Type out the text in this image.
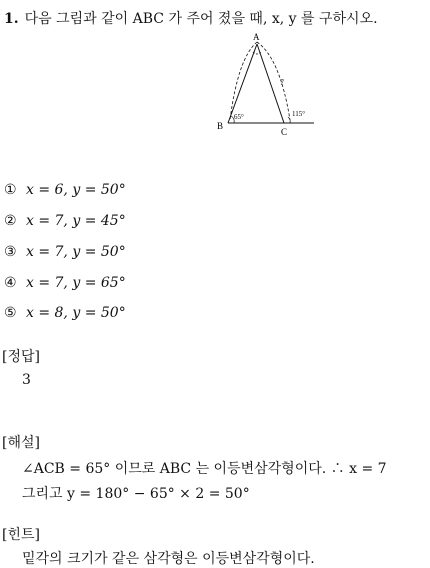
1. 다음 그림과 같이 ABC 가 주어 졌을 때, x, y 를 구하시오.
A
B
C
7
65°	115°
① x = 6, y = 50°
② x = 7, y = 45°
③ x = 7, y = 50°
④ x = 7, y = 65°
⑤ x = 8, y = 50°
[정답]
3
[해설]
∠ACB = 65° 이므로 ABC 는 이등변삼각형이다. ∴ x = 7
그리고 y = 180° − 65° × 2 = 50°
[힌트]
밑각의 크기가 같은 삼각형은 이등변삼각형이다.
